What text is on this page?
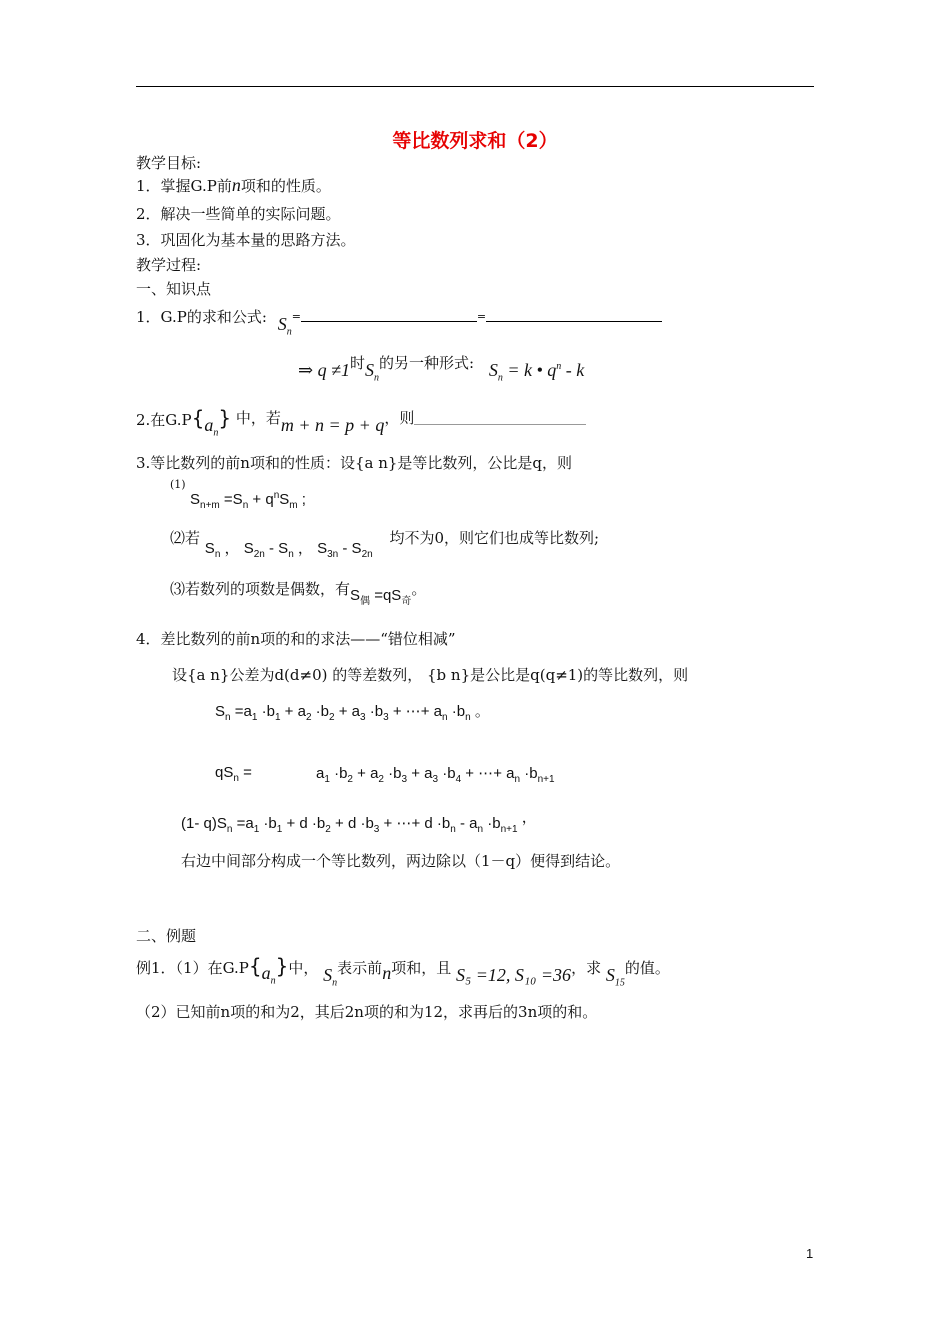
等比数列求和（2）
教学目标:
1．掌握G.P前n项和的性质。
2．解决一些简单的实际问题。
3．巩固化为基本量的思路方法。
教学过程:
一、知识点
1．G.P的求和公式: $S_n=$	=
⇒ q ≠1时$S_n$的另一种形式: $S_n = k$ • $q^n$ - k
2.在$G.P\{a_n\}$ 中，若m + n = p + q，则
3.等比数列的前n项和的性质：设{a n}是等比数列，公比是q，则
(1)
$S_{n+m} =S_n + q^nS_m$ ;
⑵若 $S_n$ ， $S_{2n} - S_n$ ， $S_{3n} - S_{2n}$ 均不为0，则它们也成等比数列;
⑶若数列的项数是偶数，有$S_偶 =qS_奇$。
4．差比数列的前n项的和的求法——“错位相减”
设{a n}公差为d(d≠0) 的等差数列， {b n}是公比是q(q≠1)的等比数列，则
$S_n =a_1 \cdot b_1 + a_2 \cdot b_2 + a_3 \cdot b_3$ + ⋯+ $a_n \cdot b_n$ 。
$qS_n$ =	$a_1 \cdot b_2 + a_2 \cdot b_3 + a_3 \cdot b_4$ + ⋯+ $a_n \cdot b_{n+1}$
(1- $q)S_n =a_1 \cdot b_1 + d \cdot b_2 + d \cdot b_3$ + ⋯+ $d \cdot b_n - a_n \cdot b_{n+1}$ ，
右边中间部分构成一个等比数列，两边除以（1－q）便得到结论。
二、例题
例1．（1）在$G.P\{a_n\}$中， $S_n$表示前n项和，且 S₅ =12, S₁₀ =36，求 $S_{15}$的值。
（2）已知前n项的和为2，其后2n项的和为12，求再后的3n项的和。
1
